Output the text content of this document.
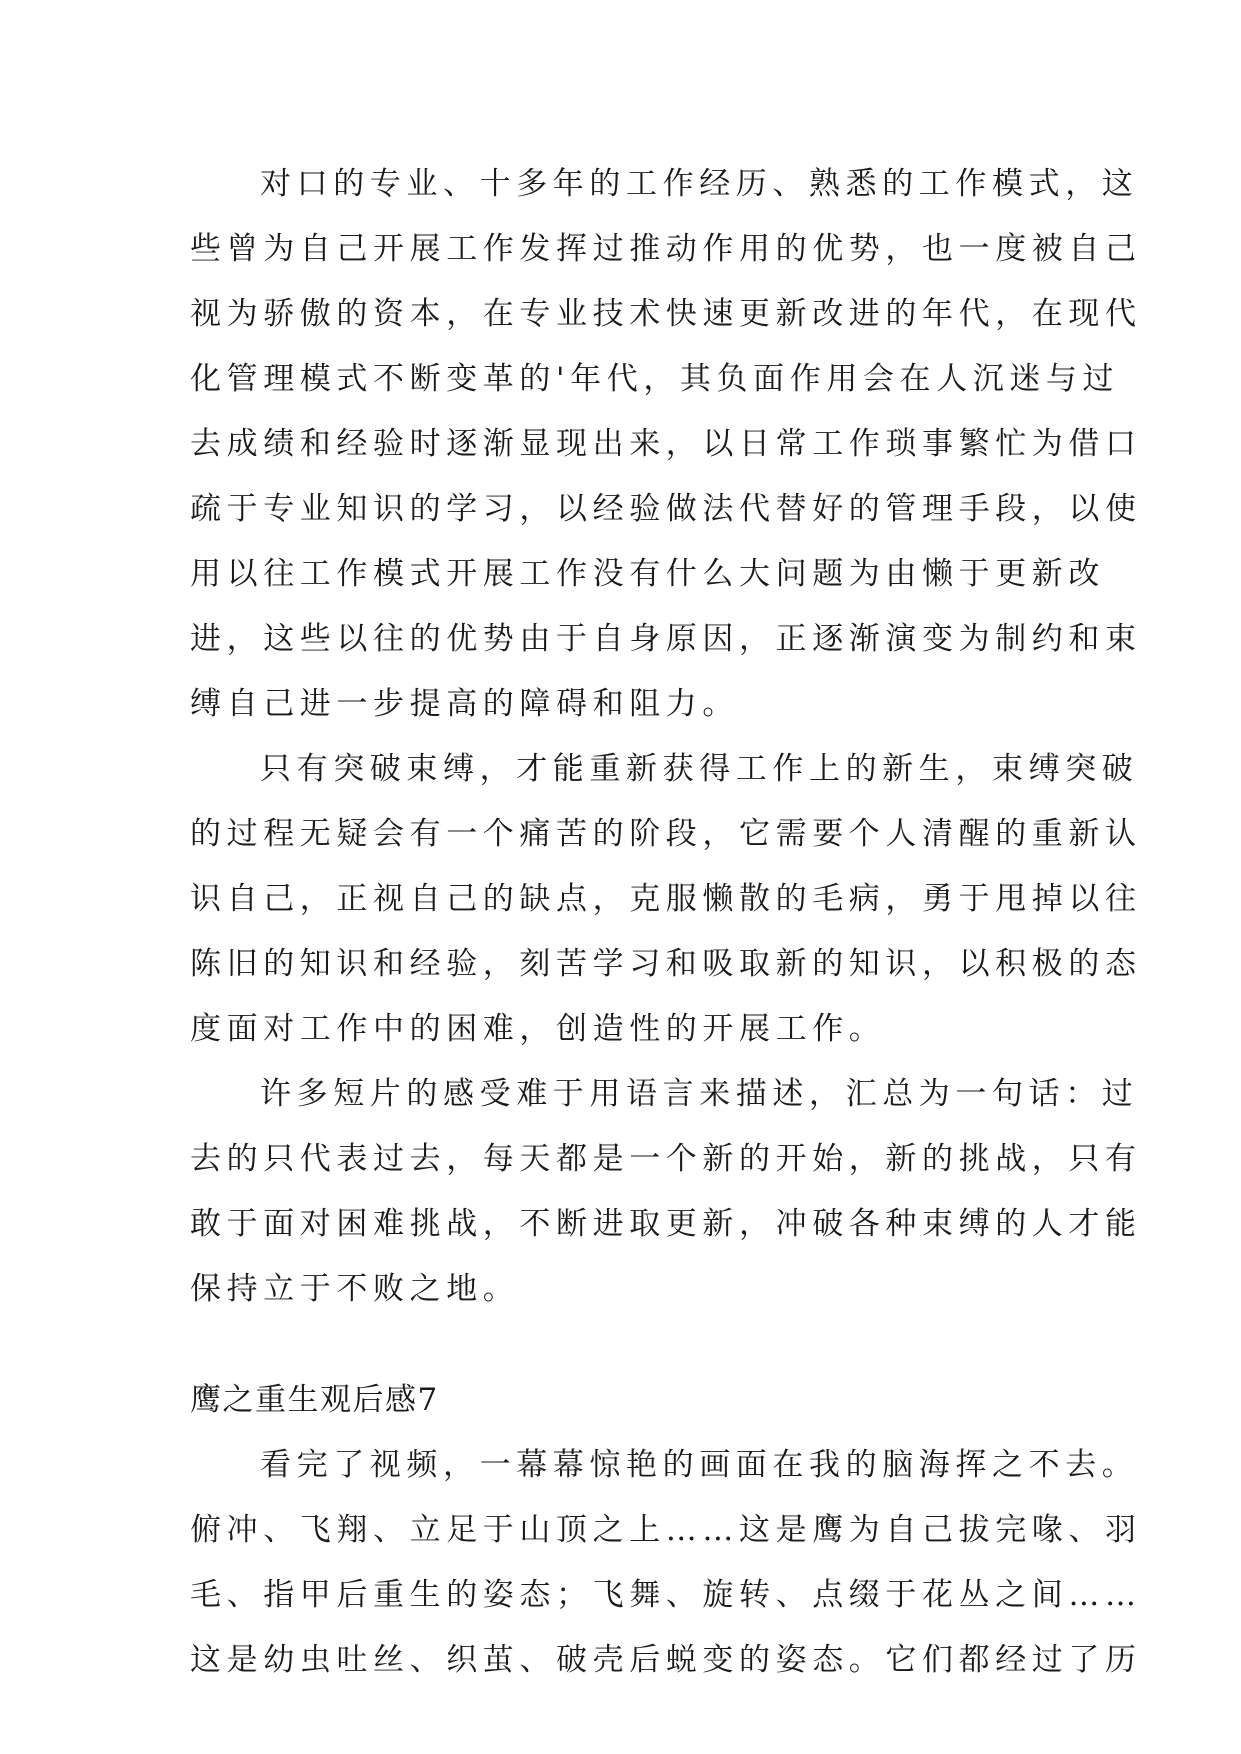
对口的专业、十多年的工作经历、熟悉的工作模式，这
些曾为自己开展工作发挥过推动作用的优势，也一度被自己
视为骄傲的资本，在专业技术快速更新改进的年代，在现代
化管理模式不断变革的'年代，其负面作用会在人沉迷与过
去成绩和经验时逐渐显现出来，以日常工作琐事繁忙为借口
疏于专业知识的学习，以经验做法代替好的管理手段，以使
用以往工作模式开展工作没有什么大问题为由懒于更新改
进，这些以往的优势由于自身原因，正逐渐演变为制约和束
缚自己进一步提高的障碍和阻力。

只有突破束缚，才能重新获得工作上的新生，束缚突破
的过程无疑会有一个痛苦的阶段，它需要个人清醒的重新认
识自己，正视自己的缺点，克服懒散的毛病，勇于甩掉以往
陈旧的知识和经验，刻苦学习和吸取新的知识，以积极的态
度面对工作中的困难，创造性的开展工作。

许多短片的感受难于用语言来描述，汇总为一句话：过
去的只代表过去，每天都是一个新的开始，新的挑战，只有
敢于面对困难挑战，不断进取更新，冲破各种束缚的人才能
保持立于不败之地。

鹰之重生观后感7

看完了视频，一幕幕惊艳的画面在我的脑海挥之不去。
俯冲、飞翔、立足于山顶之上……这是鹰为自己拔完喙、羽
毛、指甲后重生的姿态；飞舞、旋转、点缀于花丛之间……
这是幼虫吐丝、织茧、破壳后蜕变的姿态。它们都经过了历
